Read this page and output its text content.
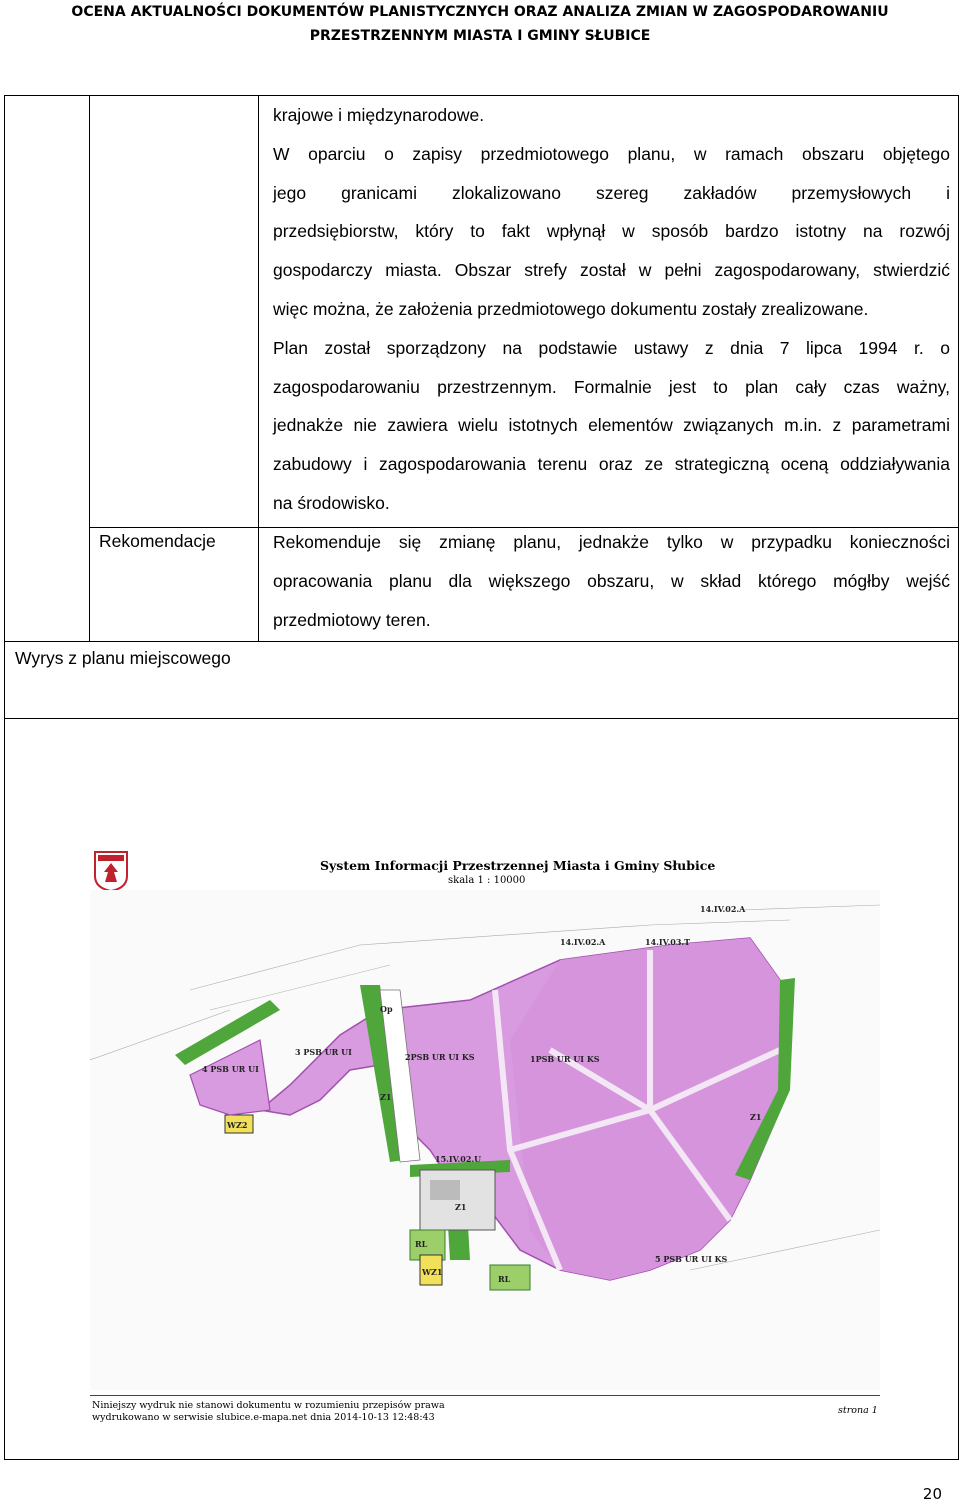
OCENA AKTUALNOŚCI DOKUMENTÓW PLANISTYCZNYCH ORAZ ANALIZA ZMIAN W ZAGOSPODAROWANIU
PRZESTRZENNYM MIASTA I GMINY SŁUBICE

krajowe i międzynarodowe.

W oparciu o zapisy przedmiotowego planu, w ramach obszaru objętego

jego granicami zlokalizowano szereg zakładów przemysłowych i

przedsiębiorstw, który to fakt wpłynął w sposób bardzo istotny na rozwój

gospodarczy miasta. Obszar strefy został w pełni zagospodarowany, stwierdzić

więc można, że założenia przedmiotowego dokumentu zostały zrealizowane.

Plan został sporządzony na podstawie ustawy z dnia 7 lipca 1994 r. o

zagospodarowaniu przestrzennym. Formalnie jest to plan cały czas ważny,

jednakże nie zawiera wielu istotnych elementów związanych m.in. z parametrami

zabudowy i zagospodarowania terenu oraz ze strategiczną oceną oddziaływania

na środowisko.

Rekomendacje	Rekomenduje się zmianę planu, jednakże tylko w przypadku konieczności

opracowania planu dla większego obszaru, w skład którego mógłby wejść

przedmiotowy teren.

Wyrys z planu miejscowego
System Informacji Przestrzennej Miasta i Gminy Słubice
skala 1 : 10000
14.IV.02.A
14.IV.02.A	14.IV.03.T
Op
4 PSB UR UI
3 PSB UR UI	2PSB UR UI KS	1PSB UR UI KS
WZ2
15.IV.02.U
RL
WZ1
RL
5 PSB UR UI KS
Z1
Z1
Z1
Niniejszy wydruk nie stanowi dokumentu w rozumieniu przepisów prawa
wydrukowano w serwisie slubice.e-mapa.net dnia 2014-10-13 12:48:43
strona 1
20
